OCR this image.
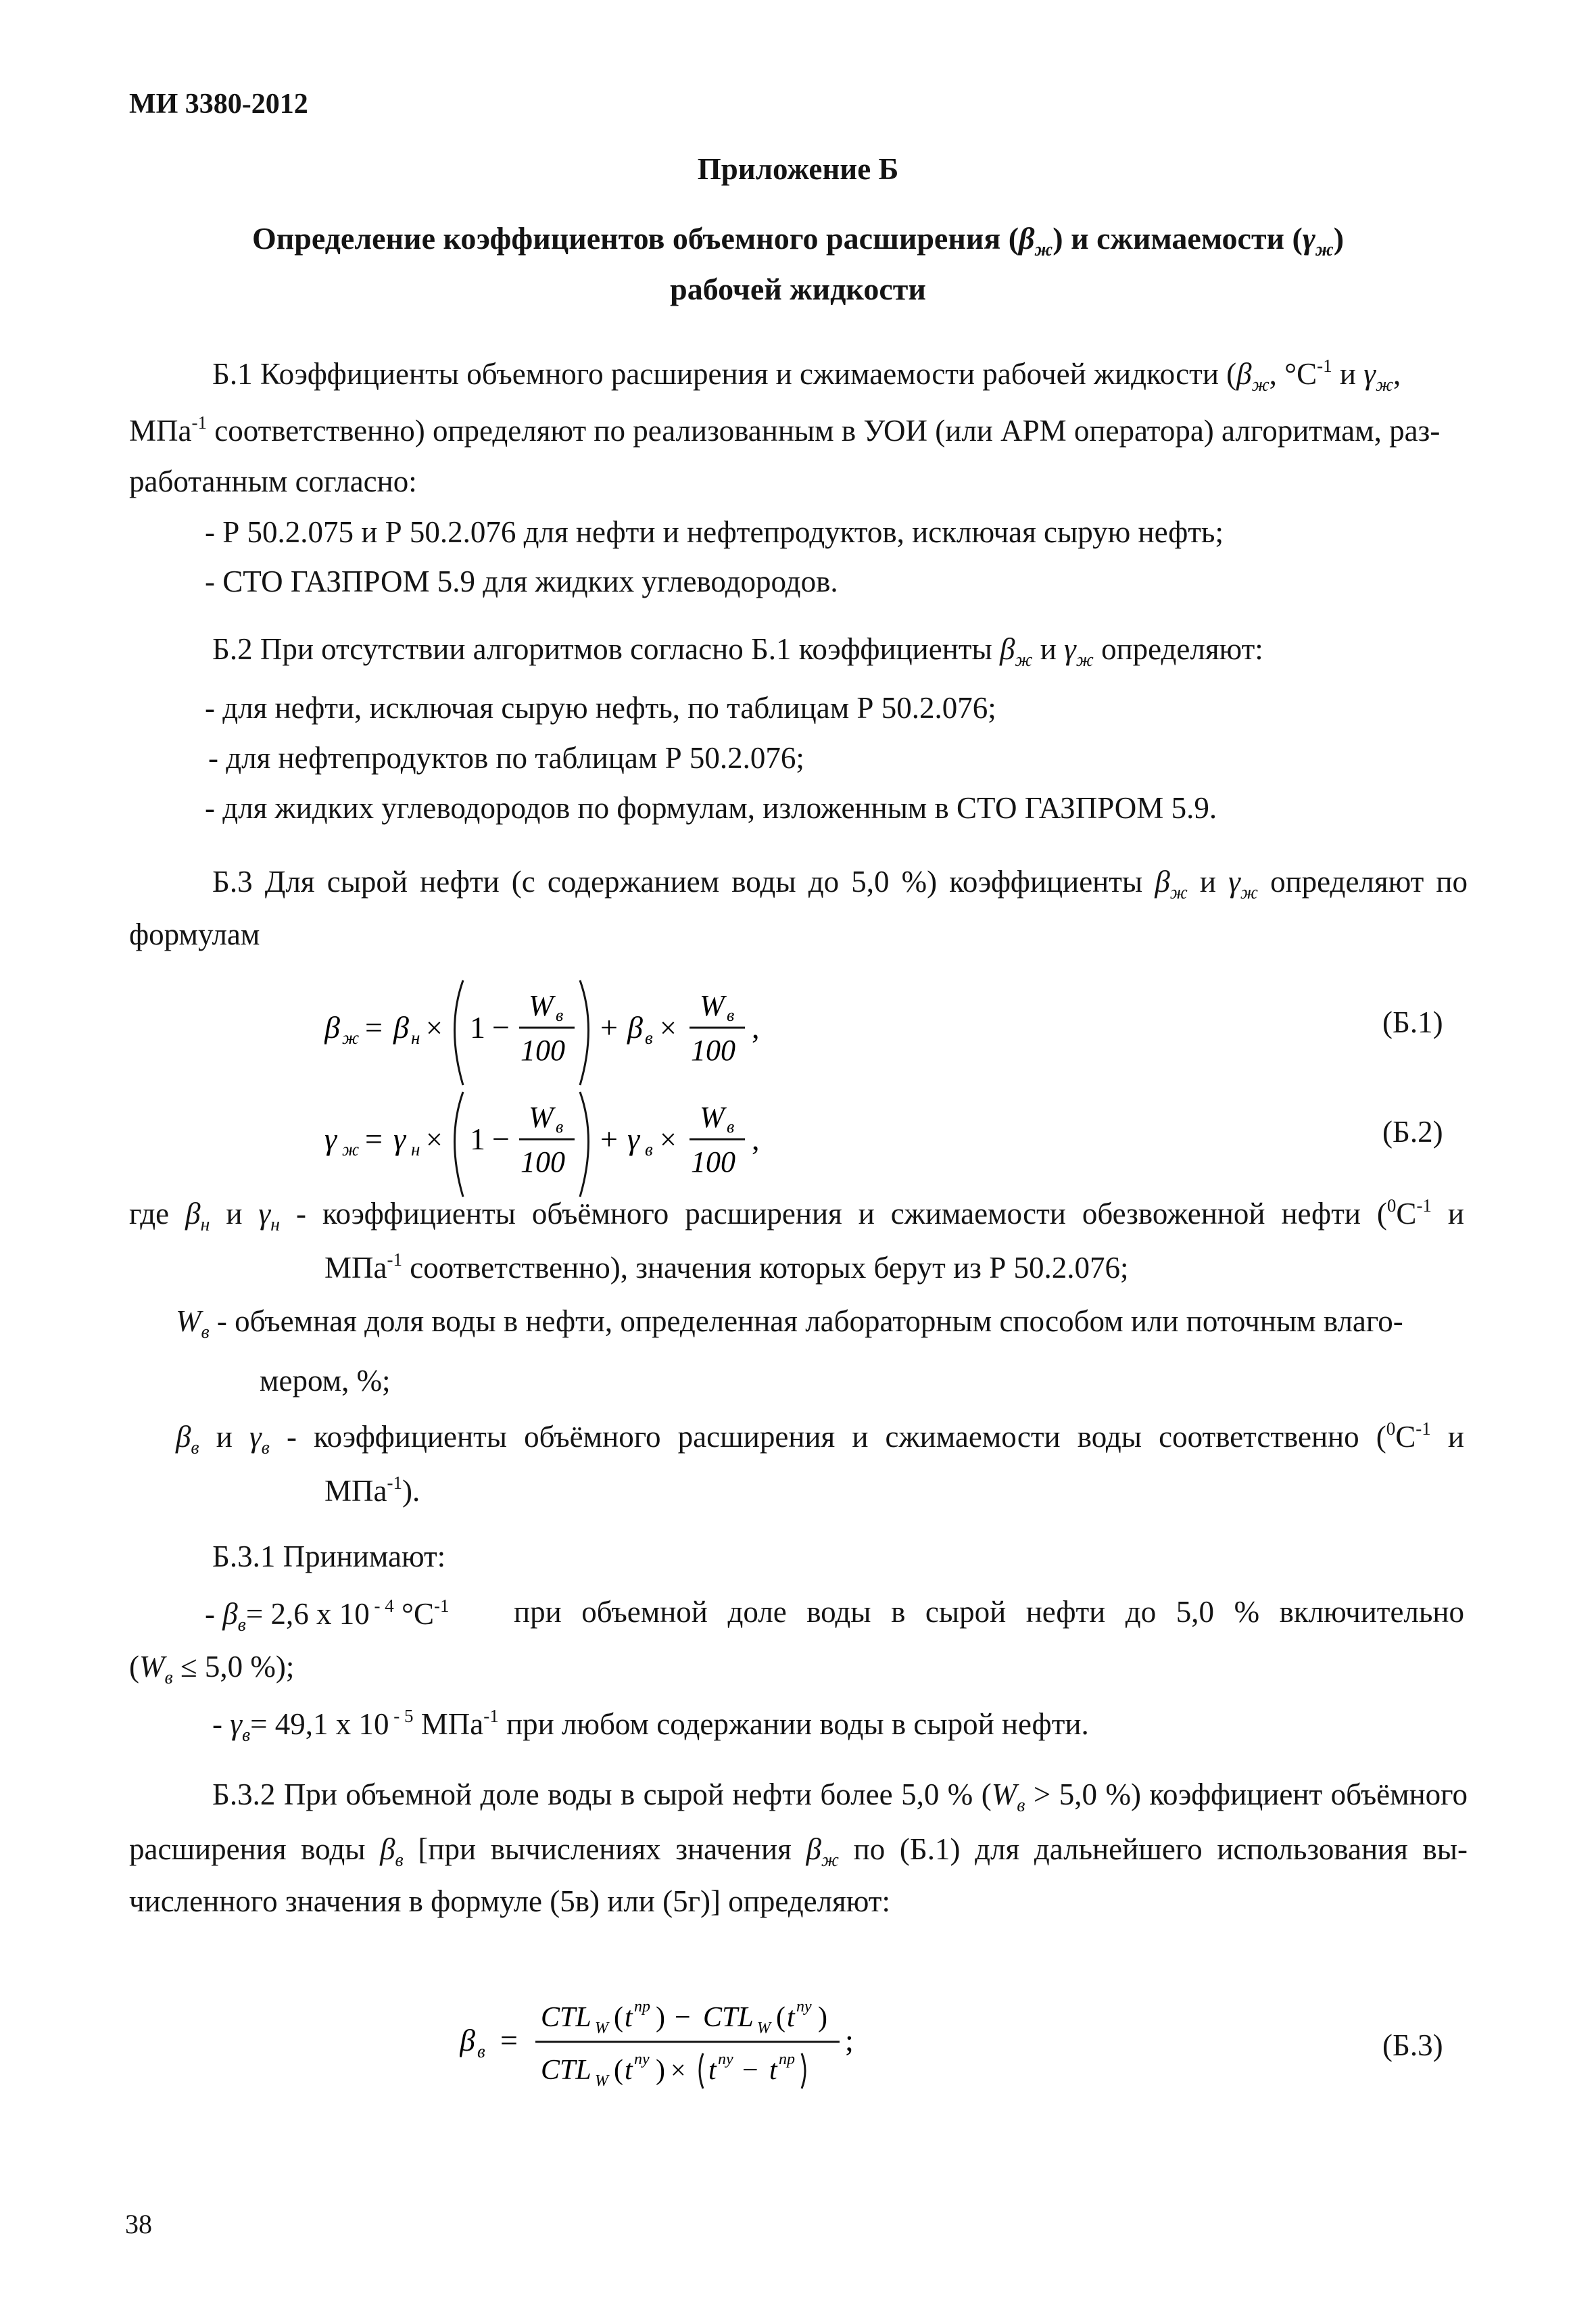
МИ 3380-2012
Приложение Б
Определение коэффициентов объемного расширения $(\beta_ж)$ и сжимаемости $(\gamma_ж)$
рабочей жидкости
Б.1 Коэффициенты объемного расширения и сжимаемости рабочей жидкости ($\beta_ж$, $^\circ С^{-1}$ и $\gamma_ж$,
МПа$^{-1}$ соответственно) определяют по реализованным в УОИ (или АРМ оператора) алгоритмам, раз-
работанным согласно:
- Р 50.2.075 и Р 50.2.076 для нефти и нефтепродуктов, исключая сырую нефть;
- СТО ГАЗПРОМ 5.9 для жидких углеводородов.
Б.2 При отсутствии алгоритмов согласно Б.1 коэффициенты $\beta_ж$ и $\gamma_ж$ определяют:
- для нефти, исключая сырую нефть, по таблицам Р 50.2.076;
- для нефтепродуктов по таблицам Р 50.2.076;
- для жидких углеводородов по формулам, изложенным в СТО ГАЗПРОМ 5.9.
Б.3 Для сырой нефти (с содержанием воды до 5,0 %) коэффициенты $\beta_ж$ и $\gamma_ж$ определяют по
формулам
β ж = β н × 1 −
W в
100
+ β в ×
W в
100
,	(Б.1)
γ ж = γ н × 1 −
W в
100
+ γ в ×
W в
100
,	(Б.2)
где $\beta_н$ и $\gamma_н$ - коэффициенты объёмного расширения и сжимаемости обезвоженной нефти ($^0С^{-1}$ и
МПа$^{-1}$ соответственно), значения которых берут из Р 50.2.076;
$W_в$ - объемная доля воды в нефти, определенная лабораторным способом или поточным влаго-
мером, %;
$\beta_в$ и $\gamma_в$ - коэффициенты объёмного расширения и сжимаемости воды соответственно ($^0С^{-1}$ и
МПа$^{-1}$).
Б.3.1 Принимают:
- $\beta_в= 2,6$ х 10 $^{- 4}$ $^\circ С^{-1}$ при объемной доле воды в сырой нефти до 5,0 % включительно
($W_в \le 5,0$ %);
- $\gamma_в= 49,1$ х 10 $^{- 5}$ МПа$^{-1}$ при любом содержании воды в сырой нефти.
Б.3.2 При объемной доле воды в сырой нефти более 5,0 % ($W_в > 5,0$ %) коэффициент объёмного
расширения воды $\beta_в$ [при вычислениях значения $\beta_ж$ по (Б.1) для дальнейшего использования вы-
численного значения в формуле (5в) или (5г)] определяют:
β в =
CTL W ( t пр ) − CTL W ( t пу )
CTL W ( t пу ) × t пу − t пр
;	(Б.3)
38
